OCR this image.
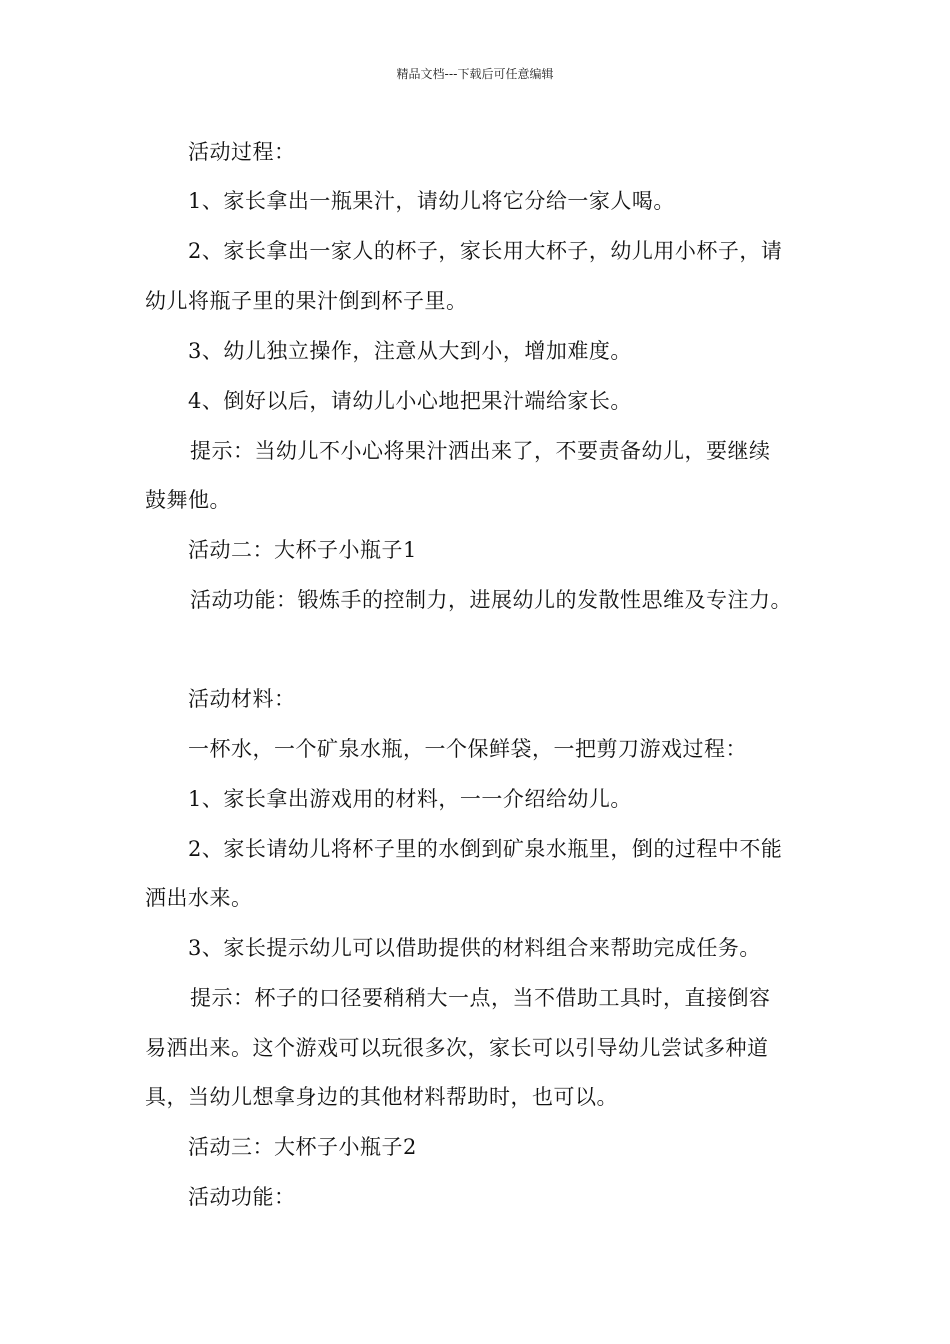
精品文档---下载后可任意编辑
活动过程：
1、家长拿出一瓶果汁，请幼儿将它分给一家人喝。
2、家长拿出一家人的杯子，家长用大杯子，幼儿用小杯子，请
幼儿将瓶子里的果汁倒到杯子里。
3、幼儿独立操作，注意从大到小，增加难度。
4、倒好以后，请幼儿小心地把果汁端给家长。
提示：当幼儿不小心将果汁洒出来了，不要责备幼儿，要继续
鼓舞他。
活动二：大杯子小瓶子1
活动功能：锻炼手的控制力，进展幼儿的发散性思维及专注力。
活动材料：
一杯水，一个矿泉水瓶，一个保鲜袋，一把剪刀游戏过程：
1、家长拿出游戏用的材料，一一介绍给幼儿。
2、家长请幼儿将杯子里的水倒到矿泉水瓶里，倒的过程中不能
洒出水来。
3、家长提示幼儿可以借助提供的材料组合来帮助完成任务。
提示：杯子的口径要稍稍大一点，当不借助工具时，直接倒容
易洒出来。这个游戏可以玩很多次，家长可以引导幼儿尝试多种道
具，当幼儿想拿身边的其他材料帮助时，也可以。
活动三：大杯子小瓶子2
活动功能：
